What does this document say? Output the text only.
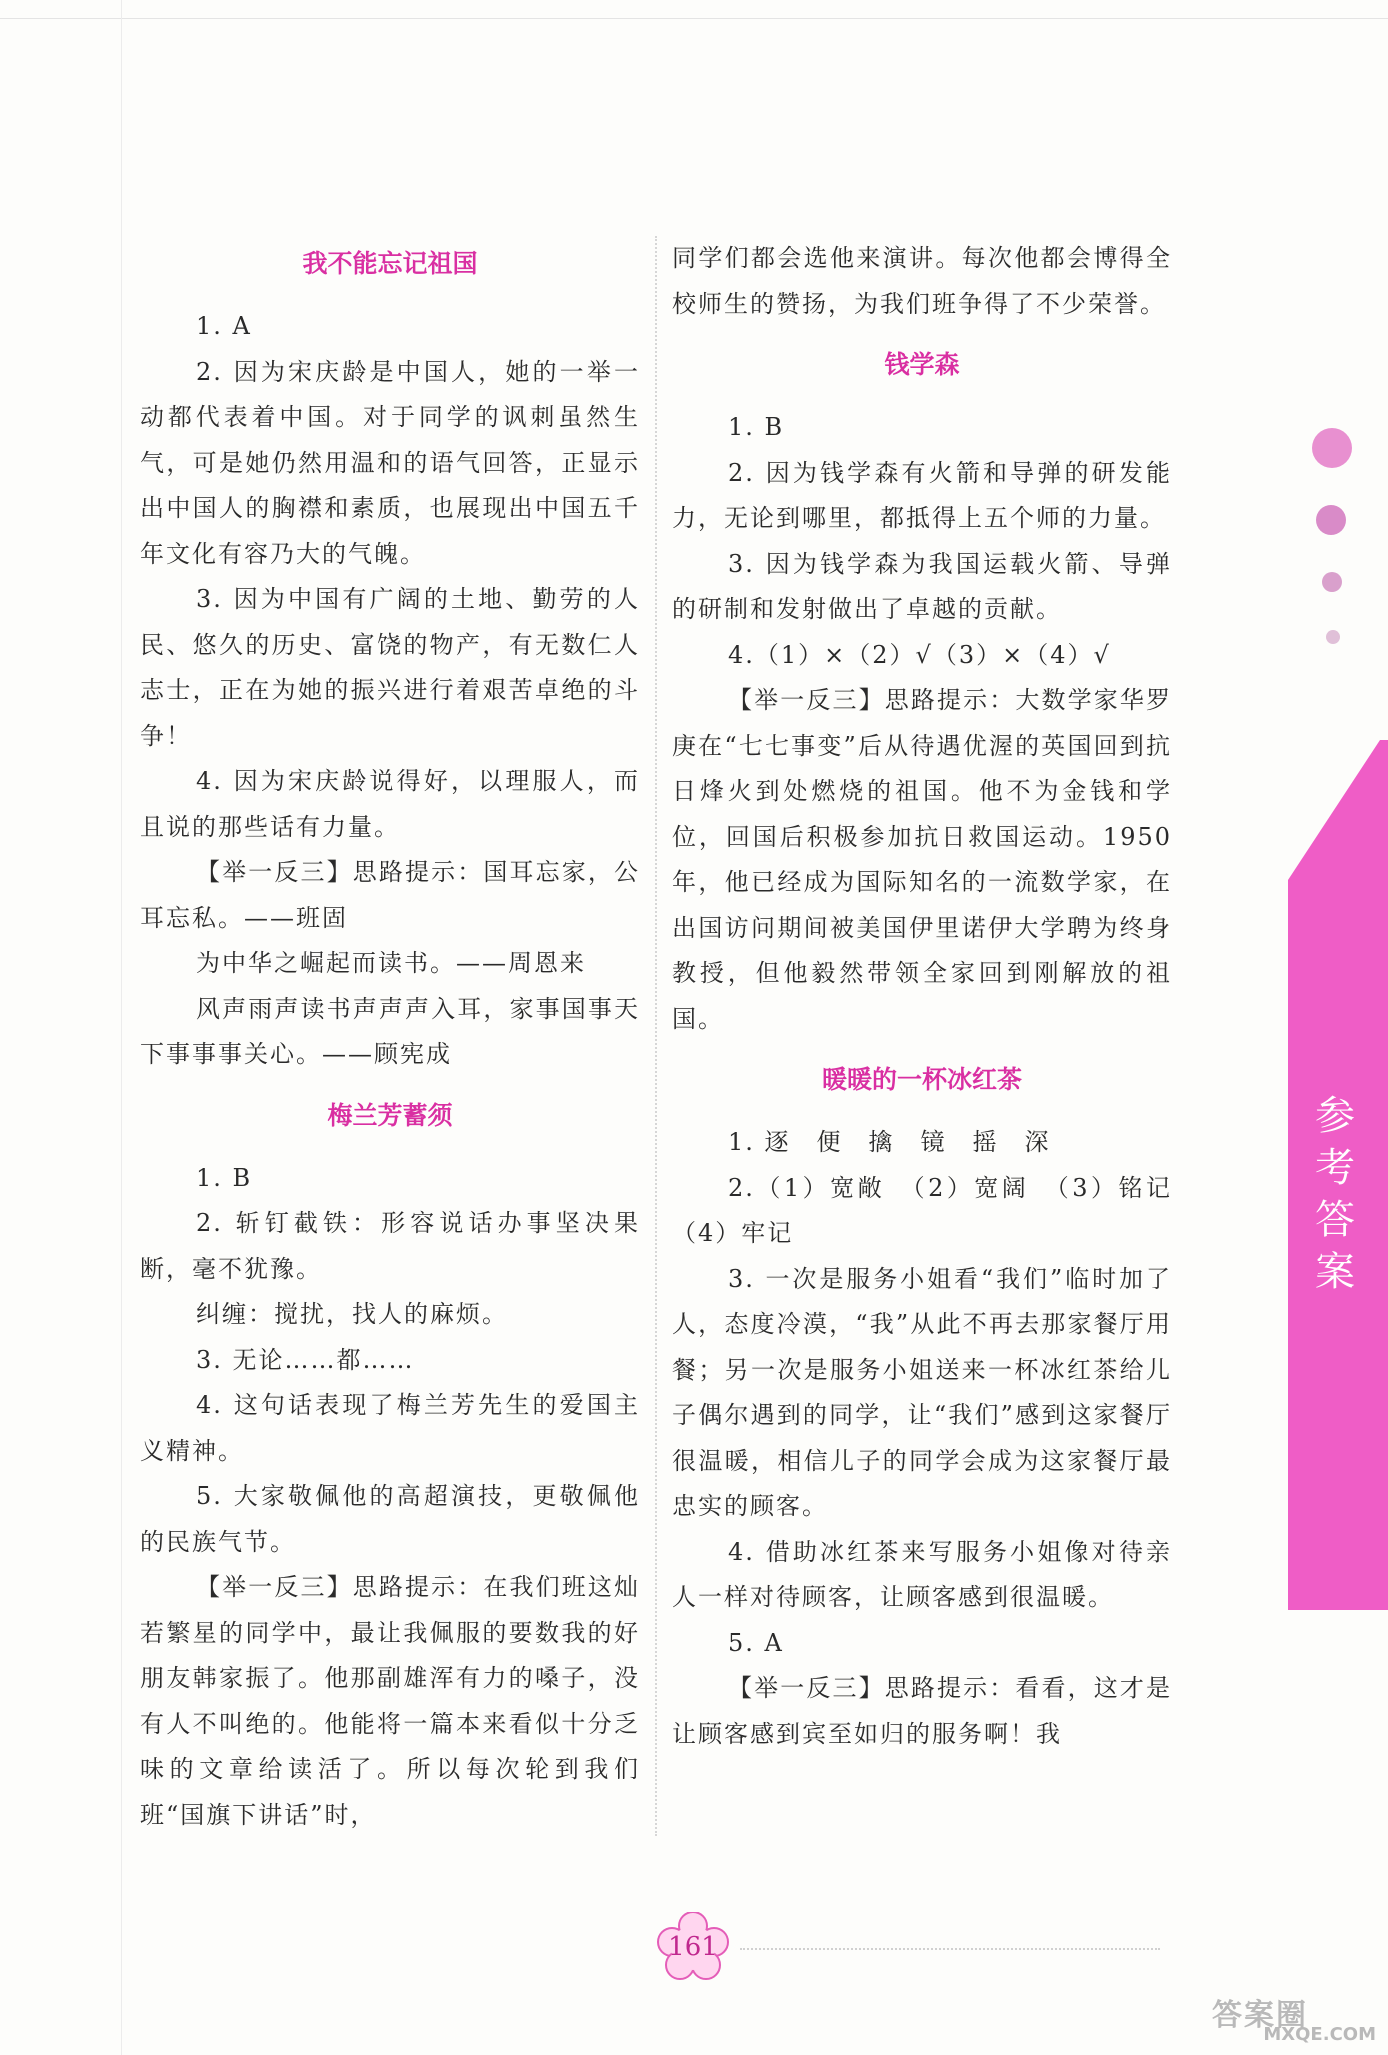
我不能忘记祖国

1. A

2. 因为宋庆龄是中国人，她的一举一动都代表着中国。对于同学的讽刺虽然生气，可是她仍然用温和的语气回答，正显示出中国人的胸襟和素质，也展现出中国五千年文化有容乃大的气魄。

3. 因为中国有广阔的土地、勤劳的人民、悠久的历史、富饶的物产，有无数仁人志士，正在为她的振兴进行着艰苦卓绝的斗争！

4. 因为宋庆龄说得好，以理服人，而且说的那些话有力量。

【举一反三】思路提示：国耳忘家，公耳忘私。——班固

为中华之崛起而读书。——周恩来

风声雨声读书声声声入耳，家事国事天下事事事关心。——顾宪成

梅兰芳蓄须

1. B

2. 斩钉截铁：形容说话办事坚决果断，毫不犹豫。

纠缠：搅扰，找人的麻烦。

3. 无论……都……

4. 这句话表现了梅兰芳先生的爱国主义精神。

5. 大家敬佩他的高超演技，更敬佩他的民族气节。

【举一反三】思路提示：在我们班这灿若繁星的同学中，最让我佩服的要数我的好朋友韩家振了。他那副雄浑有力的嗓子，没有人不叫绝的。他能将一篇本来看似十分乏味的文章给读活了。所以每次轮到我们班“国旗下讲话”时，

同学们都会选他来演讲。每次他都会博得全校师生的赞扬，为我们班争得了不少荣誉。

钱学森

1. B

2. 因为钱学森有火箭和导弹的研发能力，无论到哪里，都抵得上五个师的力量。

3. 因为钱学森为我国运载火箭、导弹的研制和发射做出了卓越的贡献。

4.（1）×（2）√（3）×（4）√

【举一反三】思路提示：大数学家华罗庚在“七七事变”后从待遇优渥的英国回到抗日烽火到处燃烧的祖国。他不为金钱和学位，回国后积极参加抗日救国运动。1950 年，他已经成为国际知名的一流数学家，在出国访问期间被美国伊里诺伊大学聘为终身教授，但他毅然带领全家回到刚解放的祖国。

暖暖的一杯冰红茶

1. 逐　便　擒　镜　摇　深

2.（1）宽敞　（2）宽阔　（3）铭记　（4）牢记

3. 一次是服务小姐看“我们”临时加了人，态度冷漠，“我”从此不再去那家餐厅用餐；另一次是服务小姐送来一杯冰红茶给儿子偶尔遇到的同学，让“我们”感到这家餐厅很温暖，相信儿子的同学会成为这家餐厅最忠实的顾客。

4. 借助冰红茶来写服务小姐像对待亲人一样对待顾客，让顾客感到很温暖。

5. A

【举一反三】思路提示：看看，这才是让顾客感到宾至如归的服务啊！我

参考答案
161
答案圈
MXQE.COM
